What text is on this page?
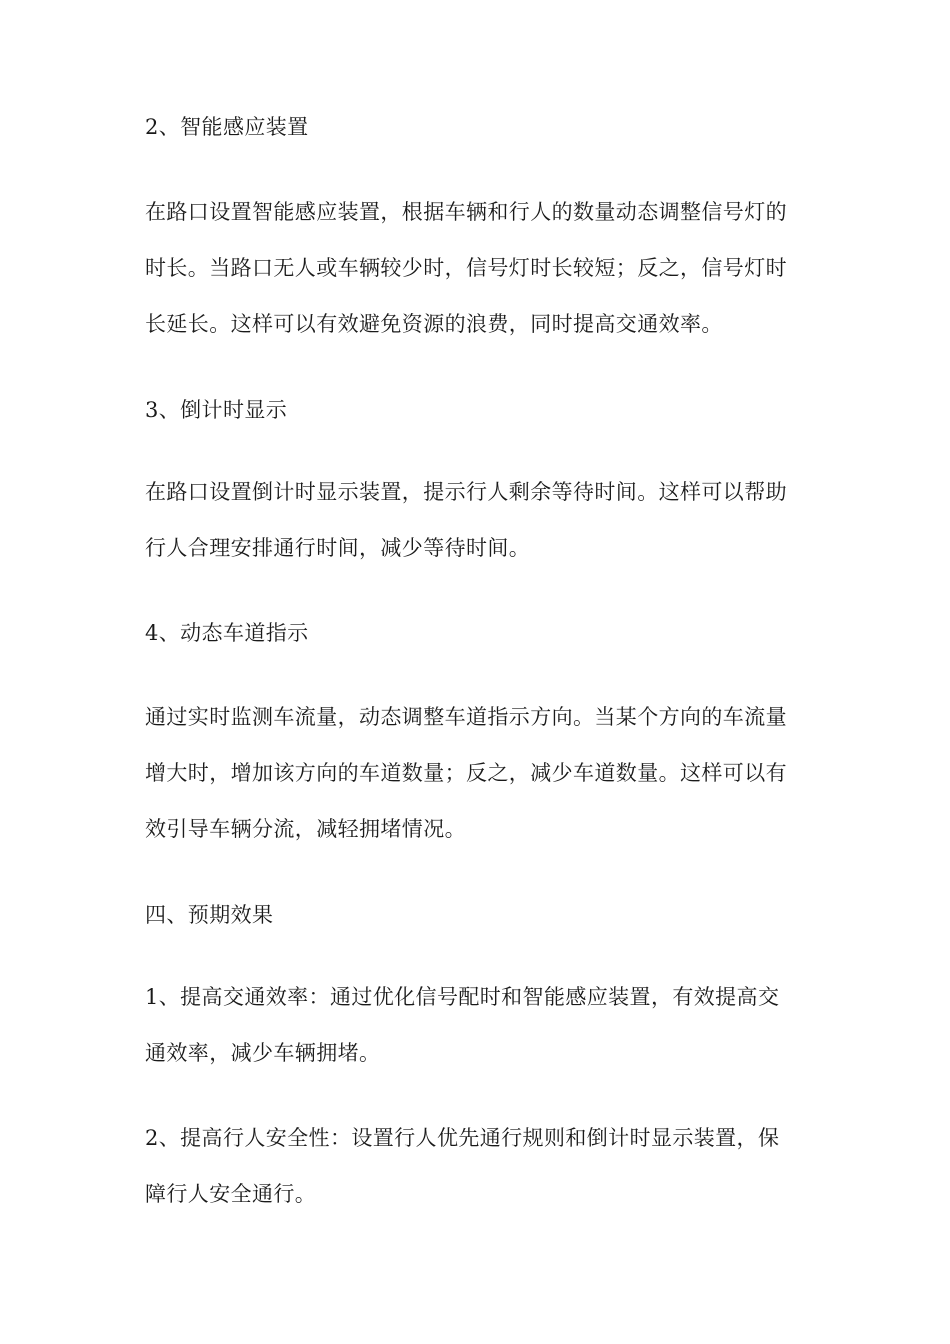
2、智能感应装置

在路口设置智能感应装置，根据车辆和行人的数量动态调整信号灯的
时长。当路口无人或车辆较少时，信号灯时长较短；反之，信号灯时
长延长。这样可以有效避免资源的浪费，同时提高交通效率。

3、倒计时显示

在路口设置倒计时显示装置，提示行人剩余等待时间。这样可以帮助
行人合理安排通行时间，减少等待时间。

4、动态车道指示

通过实时监测车流量，动态调整车道指示方向。当某个方向的车流量
增大时，增加该方向的车道数量；反之，减少车道数量。这样可以有
效引导车辆分流，减轻拥堵情况。

四、预期效果

1、提高交通效率：通过优化信号配时和智能感应装置，有效提高交
通效率，减少车辆拥堵。

2、提高行人安全性：设置行人优先通行规则和倒计时显示装置，保
障行人安全通行。
